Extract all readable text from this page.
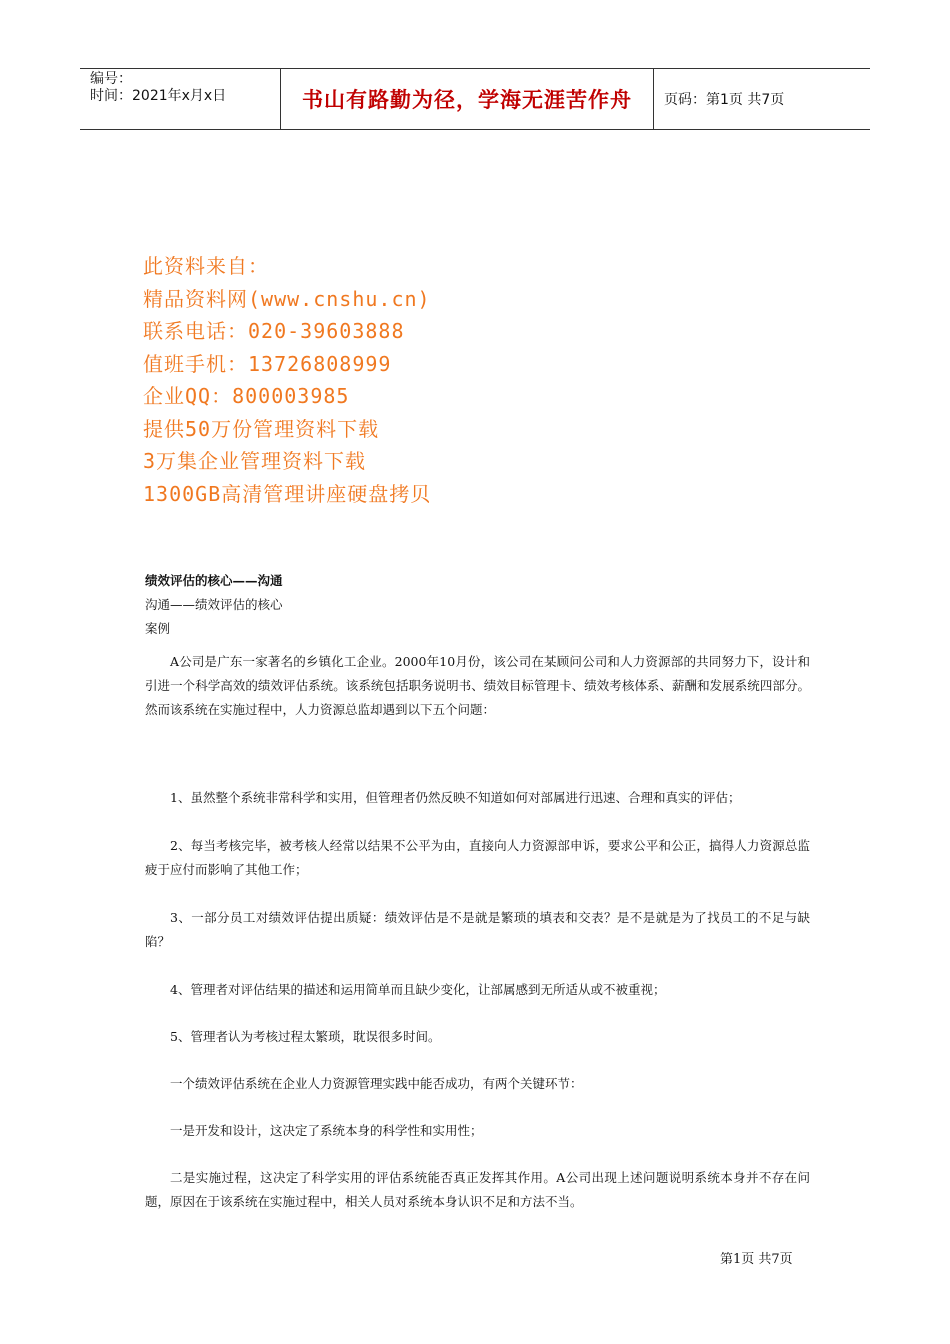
编号：
时间：2021年x月x日	书山有路勤为径，学海无涯苦作舟	页码：第1页 共7页
此资料来自：
精品资料网(www.cnshu.cn)
联系电话：020-39603888
值班手机：13726808999
企业QQ：800003985
提供50万份管理资料下载
3万集企业管理资料下载
1300GB高清管理讲座硬盘拷贝
绩效评估的核心——沟通
沟通——绩效评估的核心
案例
A公司是广东一家著名的乡镇化工企业。2000年10月份，该公司在某顾问公司和人力资源部的共同努力下，设计和引进一个科学高效的绩效评估系统。该系统包括职务说明书、绩效目标管理卡、绩效考核体系、薪酬和发展系统四部分。然而该系统在实施过程中，人力资源总监却遇到以下五个问题：
1、虽然整个系统非常科学和实用，但管理者仍然反映不知道如何对部属进行迅速、合理和真实的评估；
2、每当考核完毕，被考核人经常以结果不公平为由，直接向人力资源部申诉，要求公平和公正，搞得人力资源总监疲于应付而影响了其他工作；
3、一部分员工对绩效评估提出质疑：绩效评估是不是就是繁琐的填表和交表？是不是就是为了找员工的不足与缺陷？
4、管理者对评估结果的描述和运用简单而且缺少变化，让部属感到无所适从或不被重视；
5、管理者认为考核过程太繁琐，耽误很多时间。
一个绩效评估系统在企业人力资源管理实践中能否成功，有两个关键环节：
一是开发和设计，这决定了系统本身的科学性和实用性；
二是实施过程，这决定了科学实用的评估系统能否真正发挥其作用。A公司出现上述问题说明系统本身并不存在问题，原因在于该系统在实施过程中，相关人员对系统本身认识不足和方法不当。
第1页 共7页
